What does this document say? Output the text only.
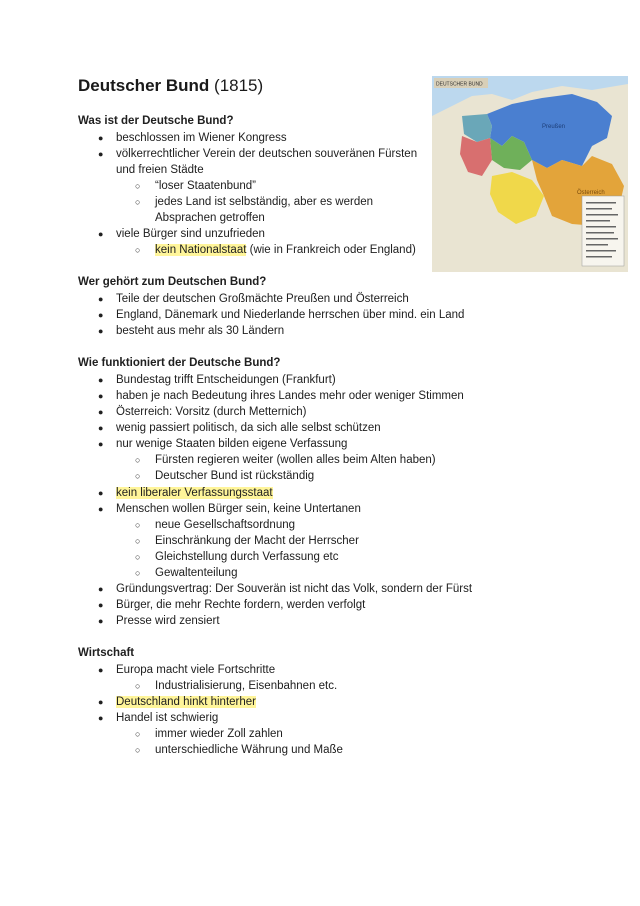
Deutscher Bund (1815)	DEUTSCHER BUND
Preußen
Österreich
Was ist der Deutsche Bund?
● beschlossen im Wiener Kongress
● völkerrechtlicher Verein der deutschen souveränen Fürsten
und freien Städte
○ “loser Staatenbund”
○ jedes Land ist selbständig, aber es werden
Absprachen getroffen
● viele Bürger sind unzufrieden
○ kein Nationalstaat (wie in Frankreich oder England)
Wer gehört zum Deutschen Bund?
● Teile der deutschen Großmächte Preußen und Österreich
● England, Dänemark und Niederlande herrschen über mind. ein Land
● besteht aus mehr als 30 Ländern
Wie funktioniert der Deutsche Bund?
● Bundestag trifft Entscheidungen (Frankfurt)
● haben je nach Bedeutung ihres Landes mehr oder weniger Stimmen
● Österreich: Vorsitz (durch Metternich)
● wenig passiert politisch, da sich alle selbst schützen
● nur wenige Staaten bilden eigene Verfassung
○ Fürsten regieren weiter (wollen alles beim Alten haben)
○ Deutscher Bund ist rückständig
● kein liberaler Verfassungsstaat
● Menschen wollen Bürger sein, keine Untertanen
○ neue Gesellschaftsordnung
○ Einschränkung der Macht der Herrscher
○ Gleichstellung durch Verfassung etc
○ Gewaltenteilung
● Gründungsvertrag: Der Souverän ist nicht das Volk, sondern der Fürst
● Bürger, die mehr Rechte fordern, werden verfolgt
● Presse wird zensiert
Wirtschaft
● Europa macht viele Fortschritte
○ Industrialisierung, Eisenbahnen etc.
● Deutschland hinkt hinterher
● Handel ist schwierig
○ immer wieder Zoll zahlen
○ unterschiedliche Währung und Maße
